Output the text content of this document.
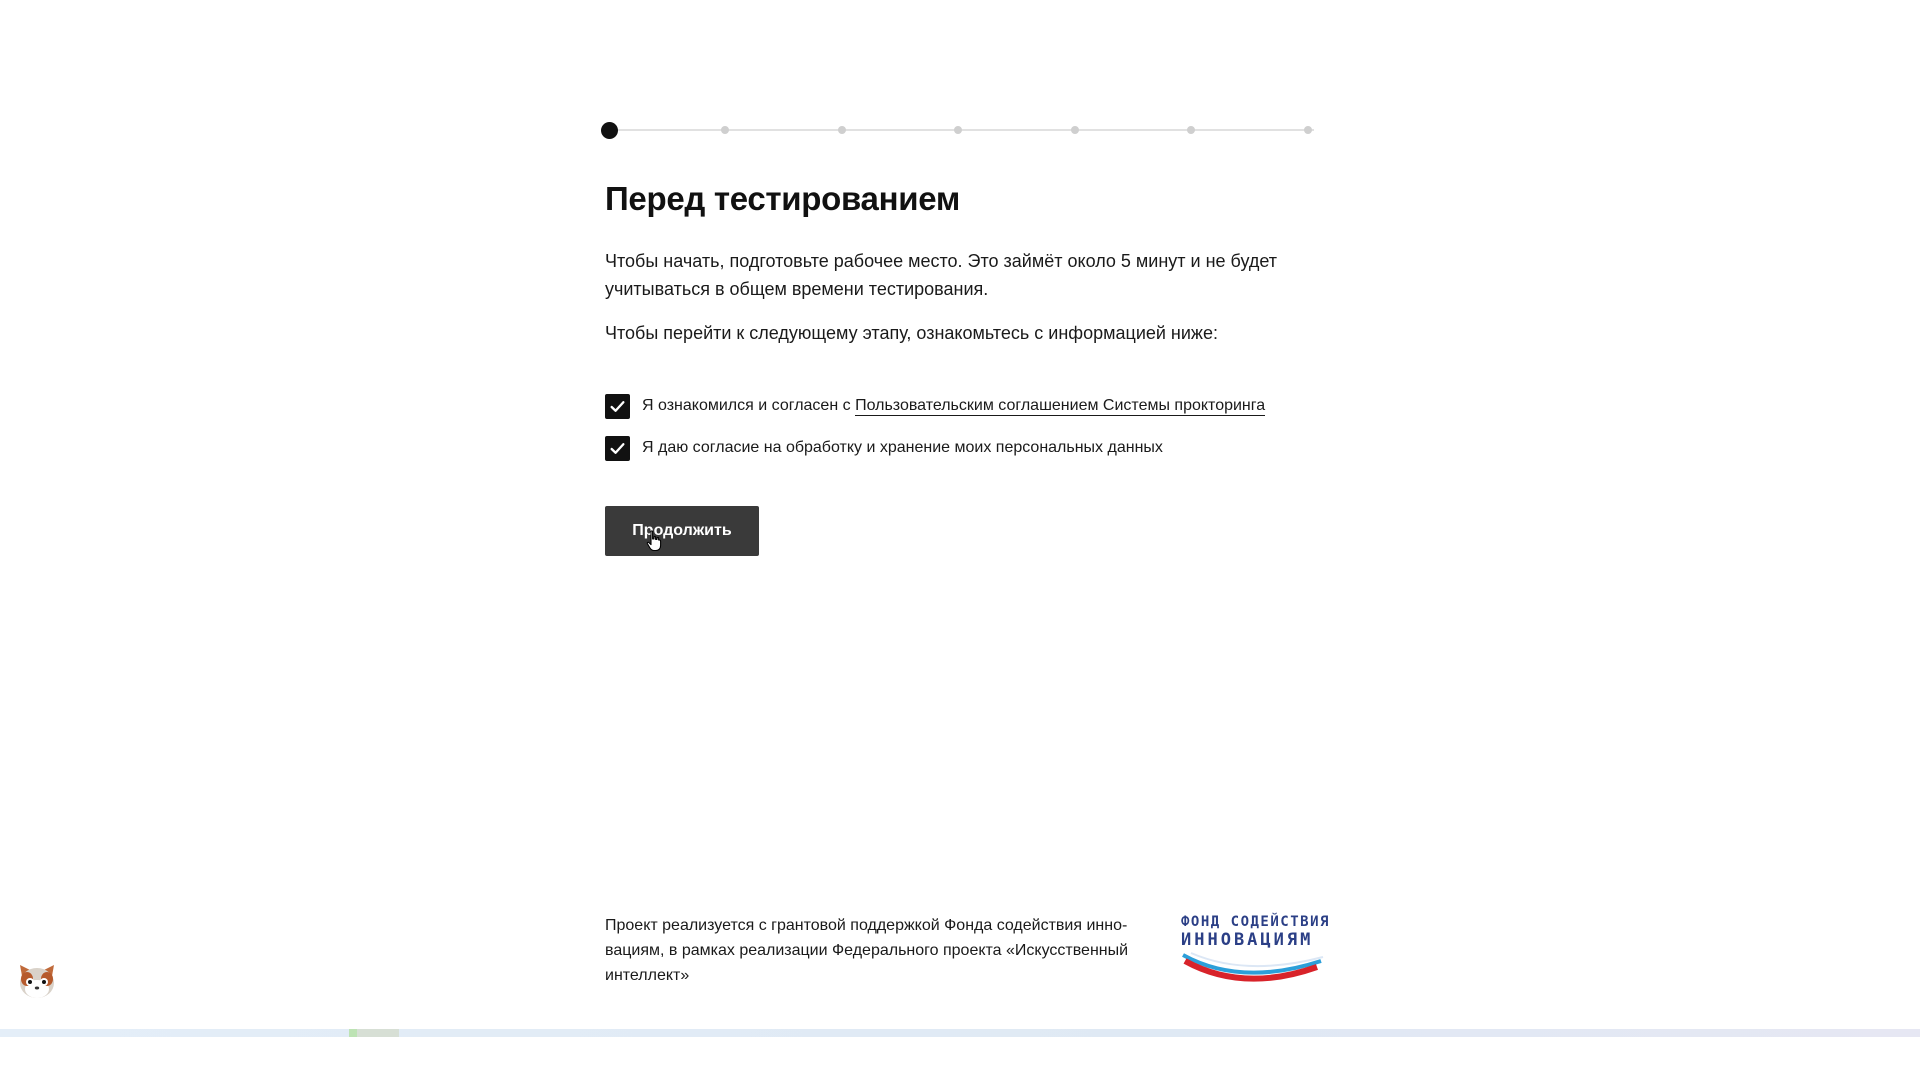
Перед тестированием

Чтобы начать, подготовьте рабочее место. Это займёт около 5 минут и не будет учитываться в общем времени тестирования.

Чтобы перейти к следующему этапу, ознакомьтесь с информацией ниже:

Я ознакомился и согласен с Пользовательским соглашением Системы прокторинга
Я даю согласие на обработку и хранение моих персональных данных
Продолжить

Проект реализуется с грантовой поддержкой Фонда содействия инно-вациям, в рамках реализации Федерального проекта «Искусственный интеллект»

ФОНД СОДЕЙСТВИЯ
ИННОВАЦИЯМ
